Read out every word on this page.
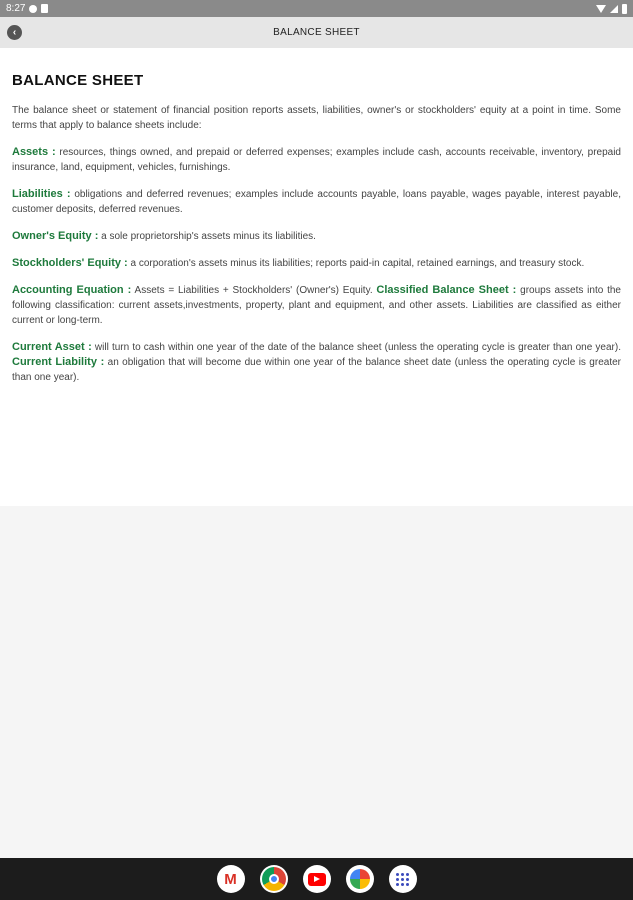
8:27
‹	BALANCE SHEET
BALANCE SHEET

The balance sheet or statement of financial position reports assets, liabilities, owner's or stockholders' equity at a point in time. Some terms that apply to balance sheets include:

Assets : resources, things owned, and prepaid or deferred expenses; examples include cash, accounts receivable, inventory, prepaid insurance, land, equipment, vehicles, furnishings.

Liabilities : obligations and deferred revenues; examples include accounts payable, loans payable, wages payable, interest payable, customer deposits, deferred revenues.

Owner's Equity : a sole proprietorship's assets minus its liabilities.

Stockholders' Equity : a corporation's assets minus its liabilities; reports paid-in capital, retained earnings, and treasury stock.

Accounting Equation : Assets = Liabilities + Stockholders' (Owner's) Equity. Classified Balance Sheet : groups assets into the following classification: current assets,investments, property, plant and equipment, and other assets. Liabilities are classified as either current or long-term.

Current Asset : will turn to cash within one year of the date of the balance sheet (unless the operating cycle is greater than one year). Current Liability : an obligation that will become due within one year of the balance sheet date (unless the operating cycle is greater than one year).

M
